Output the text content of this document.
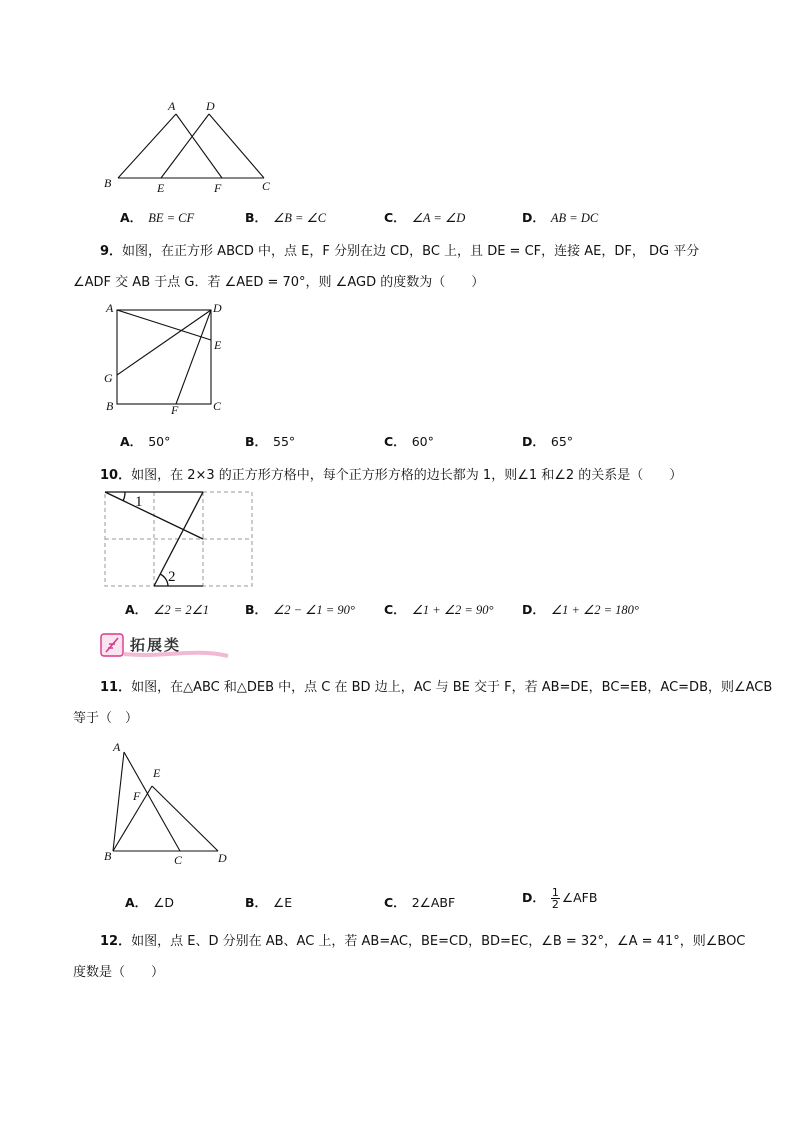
A	D
B	E	F	C
A． BE = CF	B． ∠B = ∠C	C． ∠A = ∠D	D． AB = DC
9．如图，在正方形 ABCD 中，点 E，F 分别在边 CD，BC 上，且 DE = CF，连接 AE，DF， DG 平分
∠ADF 交 AB 于点 G．若 ∠AED = 70°，则 ∠AGD 的度数为（　　）
A	D
E
G
B	F	C
A． 50°	B． 55°	C． 60°	D． 65°
10．如图，在 2×3 的正方形方格中，每个正方形方格的边长都为 1，则∠1 和∠2 的关系是（　　）
1
2
A． ∠2 = 2∠1	B． ∠2 − ∠1 = 90° C． ∠1 + ∠2 = 90° D． ∠1 + ∠2 = 180°
拓展类
11．如图，在△ABC 和△DEB 中，点 C 在 BD 边上，AC 与 BE 交于 F，若 AB=DE，BC=EB，AC=DB，则∠ACB
等于（　）
A
E
F
B	C	D
A． ∠D	B． ∠E	C． 2∠ABF	D． $\frac{1}{2}$ ∠AFB
12．如图，点 E、D 分别在 AB、AC 上，若 AB=AC，BE=CD，BD=EC，∠B = 32°，∠A = 41°，则∠BOC
度数是（　　）
